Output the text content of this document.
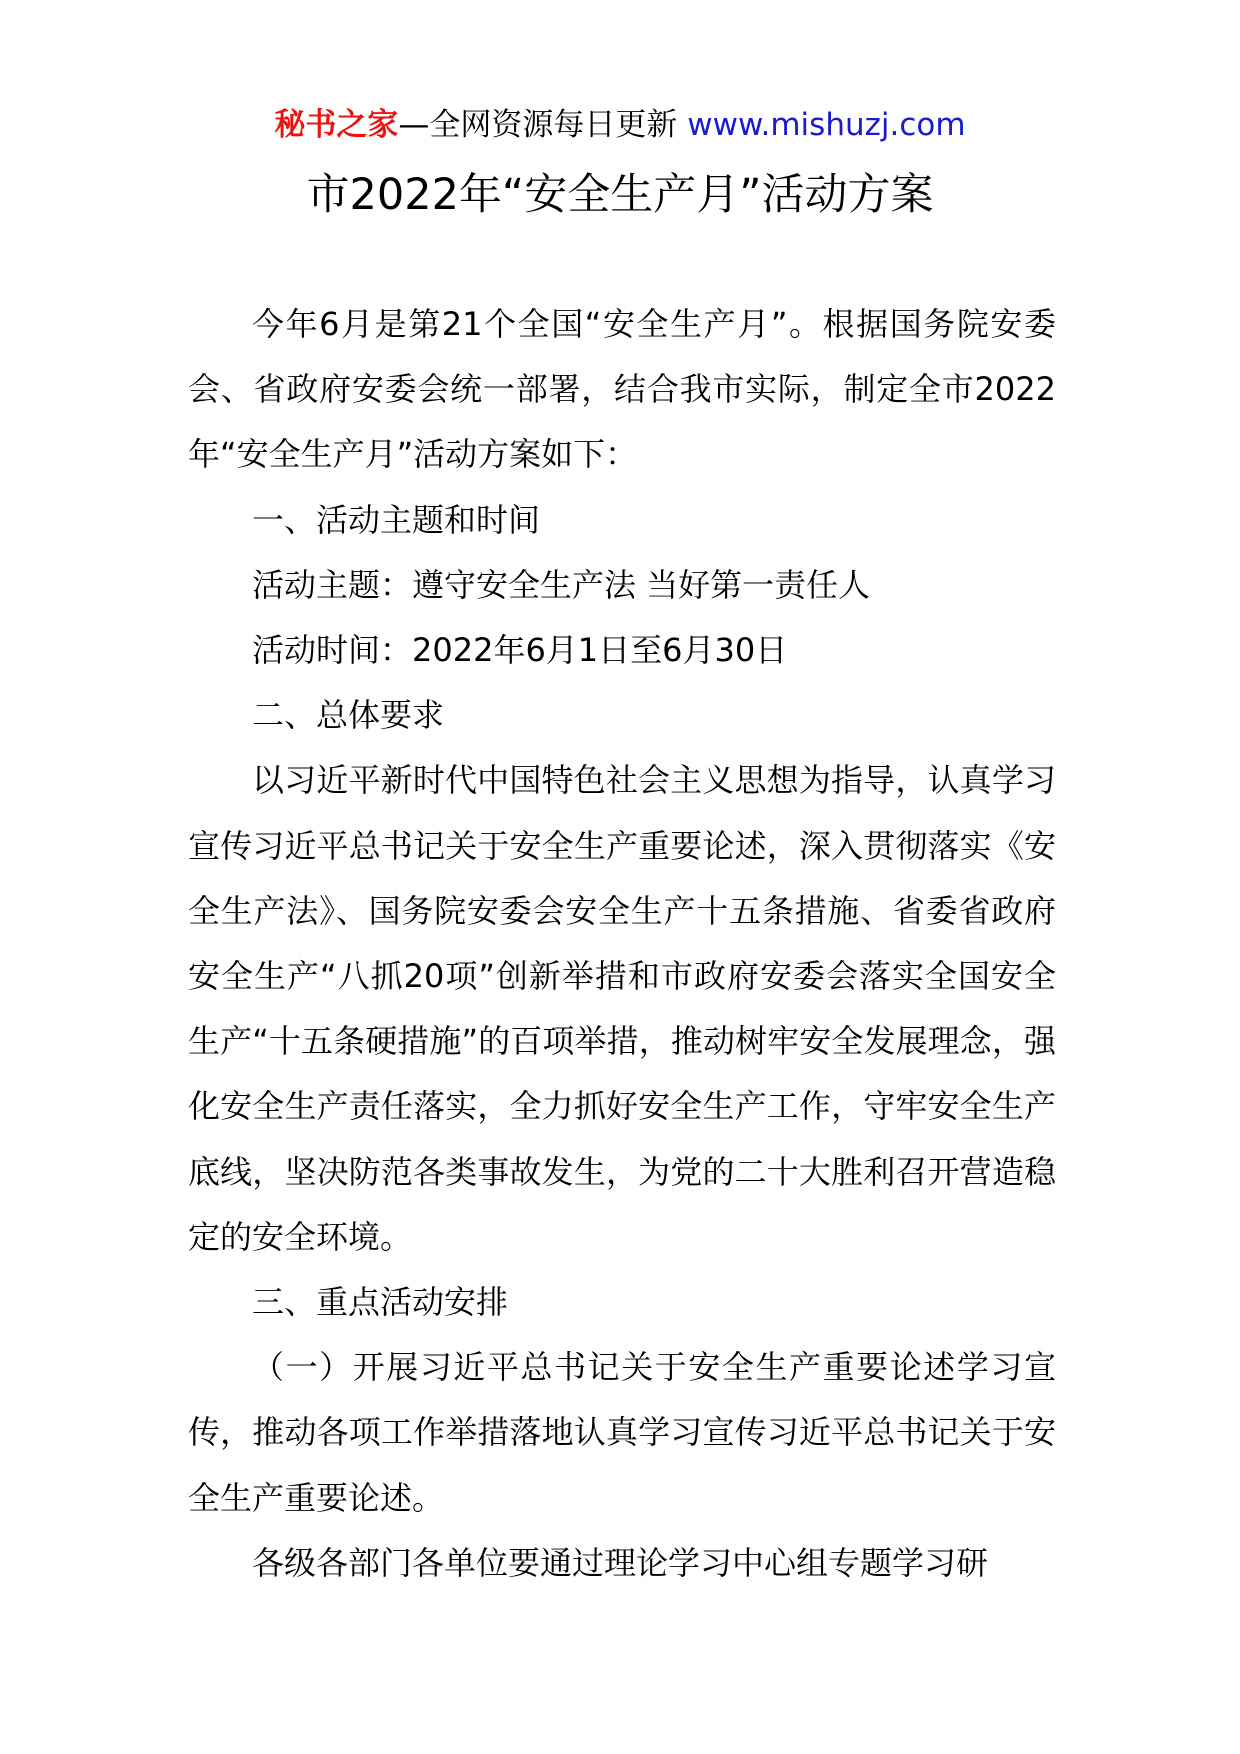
秘书之家—全网资源每日更新 www.mishuzj.com
市2022年“安全生产月”活动方案

今年6月是第21个全国“安全生产月”。根据国务院安委会、省政府安委会统一部署，结合我市实际，制定全市2022年“安全生产月”活动方案如下：

一、活动主题和时间

活动主题：遵守安全生产法 当好第一责任人

活动时间：2022年6月1日至6月30日

二、总体要求

以习近平新时代中国特色社会主义思想为指导，认真学习宣传习近平总书记关于安全生产重要论述，深入贯彻落实《安全生产法》、国务院安委会安全生产十五条措施、省委省政府安全生产“八抓20项”创新举措和市政府安委会落实全国安全生产“十五条硬措施”的百项举措，推动树牢安全发展理念，强化安全生产责任落实，全力抓好安全生产工作，守牢安全生产底线，坚决防范各类事故发生，为党的二十大胜利召开营造稳定的安全环境。

三、重点活动安排

（一）开展习近平总书记关于安全生产重要论述学习宣传，推动各项工作举措落地认真学习宣传习近平总书记关于安全生产重要论述。

各级各部门各单位要通过理论学习中心组专题学习研
